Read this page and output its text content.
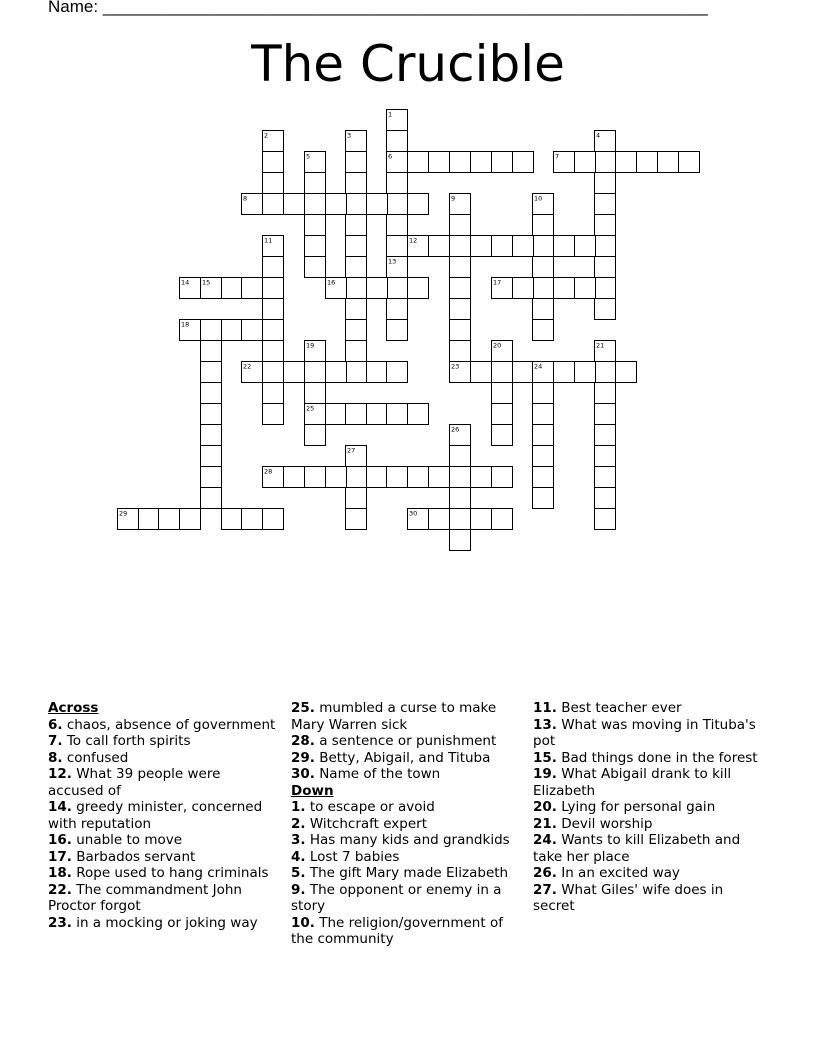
Name: ________________________________________________________________
The Crucible
1
2	3	4
5	6	7
8	9	10
11	12
13
14 15	16	17
18
19	20	21
22	23	24
25
26
27
28
29	30
Across
6. chaos, absence of government
7. To call forth spirits
8. confused
12. What 39 people were accused of
14. greedy minister, concerned with reputation
16. unable to move
17. Barbados servant
18. Rope used to hang criminals
22. The commandment John Proctor forgot
23. in a mocking or joking way
25. mumbled a curse to make Mary Warren sick
28. a sentence or punishment
29. Betty, Abigail, and Tituba
30. Name of the town
Down
1. to escape or avoid
2. Witchcraft expert
3. Has many kids and grandkids
4. Lost 7 babies
5. The gift Mary made Elizabeth
9. The opponent or enemy in a story
10. The religion/government of the community
11. Best teacher ever
13. What was moving in Tituba's pot
15. Bad things done in the forest
19. What Abigail drank to kill Elizabeth
20. Lying for personal gain
21. Devil worship
24. Wants to kill Elizabeth and take her place
26. In an excited way
27. What Giles' wife does in secret
